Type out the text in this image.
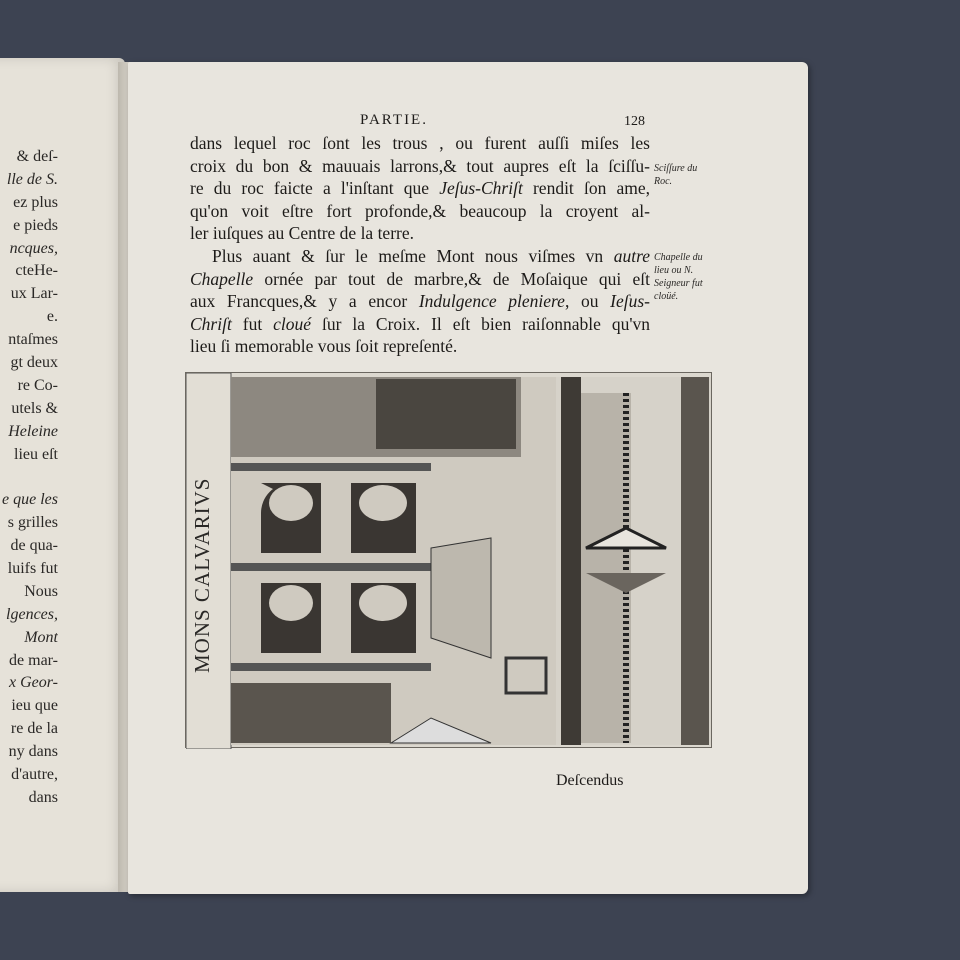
& deſ-
lle de S.
ez plus
e pieds
ncques,
cteHe-
ux Lar-
e.
ntaſmes
gt deux
re Co-
utels &
Heleine
lieu eſt
e que les
s grilles
de qua-
luifs fut
Nous
lgences,
Mont
de mar-
x Geor-
ieu que
re de la
ny dans
d'autre,
dans
PARTIE.	128
dans lequel roc ſont les trous , ou furent auſſi miſes les
croix du bon & mauuais larrons,& tout aupres eſt la ſciſſu-
re du roc faicte a l'inſtant que Jeſus-Chriſt rendit ſon ame,
qu'on voit eſtre fort profonde,& beaucoup la croyent al-
ler iuſques au Centre de la terre.
Plus auant & ſur le meſme Mont nous viſmes vn autre
Chapelle ornée par tout de marbre,& de Moſaique qui eſt
aux Francques,& y a encor Indulgence pleniere, ou Ieſus-
Chriſt fut cloué ſur la Croix. Il eſt bien raiſonnable qu'vn
lieu ſi memorable vous ſoit repreſenté.
Sciſſure du Roc.
Chapelle du lieu ou N. Seigneur fut cloüé.
MONS CALVARIVS
Deſcendus
